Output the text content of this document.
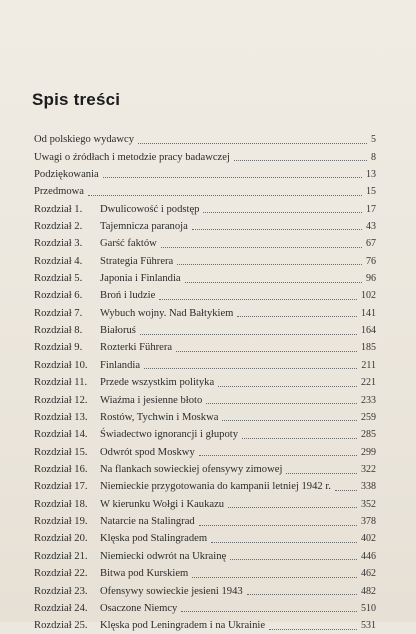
Spis treści
Od polskiego wydawcy	5
Uwagi o źródłach i metodzie pracy badawczej	8
Podziękowania	13
Przedmowa	15
Rozdział 1.	Dwulicowość i podstęp	17
Rozdział 2.	Tajemnicza paranoja	43
Rozdział 3.	Garść faktów	67
Rozdział 4.	Strategia Führera	76
Rozdział 5.	Japonia i Finlandia	96
Rozdział 6.	Broń i ludzie	102
Rozdział 7.	Wybuch wojny. Nad Bałtykiem	141
Rozdział 8.	Białoruś	164
Rozdział 9.	Rozterki Führera	185
Rozdział 10.	Finlandia	211
Rozdział 11.	Przede wszystkim polityka	221
Rozdział 12.	Wiaźma i jesienne błoto	233
Rozdział 13.	Rostów, Tychwin i Moskwa	259
Rozdział 14.	Świadectwo ignorancji i głupoty	285
Rozdział 15.	Odwrót spod Moskwy	299
Rozdział 16.	Na flankach sowieckiej ofensywy zimowej	322
Rozdział 17.	Niemieckie przygotowania do kampanii letniej 1942 r.	338
Rozdział 18.	W kierunku Wołgi i Kaukazu	352
Rozdział 19.	Natarcie na Stalingrad	378
Rozdział 20.	Klęska pod Stalingradem	402
Rozdział 21.	Niemiecki odwrót na Ukrainę	446
Rozdział 22.	Bitwa pod Kurskiem	462
Rozdział 23.	Ofensywy sowieckie jesieni 1943	482
Rozdział 24.	Osaczone Niemcy	510
Rozdział 25.	Klęska pod Leningradem i na Ukrainie	531
